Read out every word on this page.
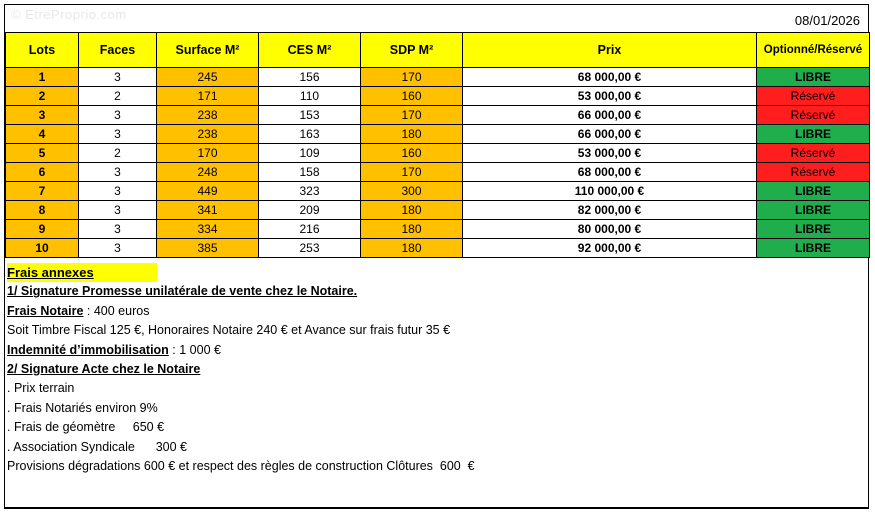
© EtreProprio.com	08/01/2026
Lots	Faces	Surface M²	CES M²	SDP M²	Prix	Optionné/Réservé
1	3	245	156	170	68 000,00 €	LIBRE
2	2	171	110	160	53 000,00 €	Réservé
3	3	238	153	170	66 000,00 €	Réservé
4	3	238	163	180	66 000,00 €	LIBRE
5	2	170	109	160	53 000,00 €	Réservé
6	3	248	158	170	68 000,00 €	Réservé
7	3	449	323	300	110 000,00 €	LIBRE
8	3	341	209	180	82 000,00 €	LIBRE
9	3	334	216	180	80 000,00 €	LIBRE
10	3	385	253	180	92 000,00 €	LIBRE
Frais annexes
1/ Signature Promesse unilatérale de vente chez le Notaire.
Frais Notaire : 400 euros
Soit Timbre Fiscal 125 €, Honoraires Notaire 240 € et Avance sur frais futur 35 €
Indemnité d’immobilisation : 1 000 €
2/ Signature Acte chez le Notaire
. Prix terrain
. Frais Notariés environ 9%
. Frais de géomètre     650 €
. Association Syndicale      300 €
Provisions dégradations 600 € et respect des règles de construction Clôtures  600  €
